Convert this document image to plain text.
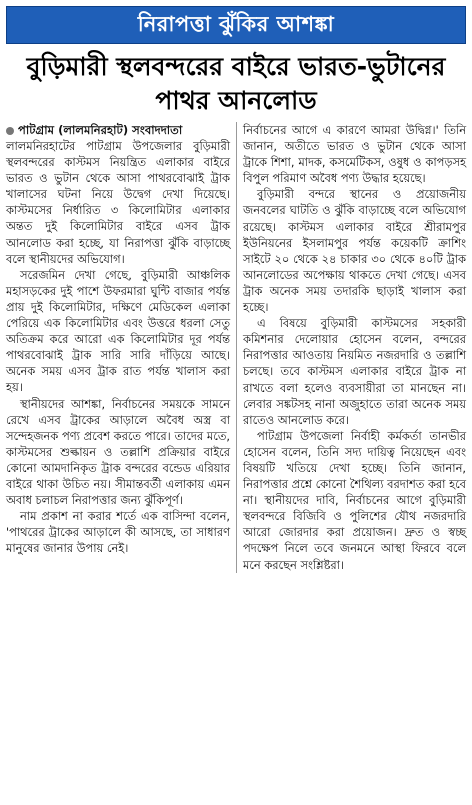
নিরাপত্তা ঝুঁকির আশঙ্কা
বুড়িমারী স্থলবন্দরের বাইরে ভারত-ভুটানের পাথর আনলোড
পাটগ্রাম (লালমনিরহাট) সংবাদদাতা

লালমনিরহাটের পাটগ্রাম উপজেলার বুড়িমারী স্থলবন্দরের কাস্টমস নিয়ন্ত্রিত এলাকার বাইরে ভারত ও ভুটান থেকে আসা পাথরবোঝাই ট্রাক খালাসের ঘটনা নিয়ে উদ্বেগ দেখা দিয়েছে। কাস্টমসের নির্ধারিত ৩ কিলোমিটার এলাকার অন্তত দুই কিলোমিটার বাইরে এসব ট্রাক আনলোড করা হচ্ছে, যা নিরাপত্তা ঝুঁকি বাড়াচ্ছে বলে স্থানীয়দের অভিযোগ।

সরেজমিন দেখা গেছে, বুড়িমারী আঞ্চলিক মহাসড়কের দুই পাশে উফরমারা ঘুন্টি বাজার পর্যন্ত প্রায় দুই কিলোমিটার, দক্ষিণে মেডিকেল এলাকা পেরিয়ে এক কিলোমিটার এবং উত্তরে ধরলা সেতু অতিক্রম করে আরো এক কিলোমিটার দূর পর্যন্ত পাথরবোঝাই ট্রাক সারি সারি দাঁড়িয়ে আছে। অনেক সময় এসব ট্রাক রাত পর্যন্ত খালাস করা হয়।

স্থানীয়দের আশঙ্কা, নির্বাচনের সময়কে সামনে রেখে এসব ট্রাকের আড়ালে অবৈধ অস্ত্র বা সন্দেহজনক পণ্য প্রবেশ করতে পারে। তাদের মতে, কাস্টমসের শুল্কায়ন ও তল্লাশি প্রক্রিয়ার বাইরে কোনো আমদানিকৃত ট্রাক বন্দরের বন্ডেড এরিয়ার বাইরে থাকা উচিত নয়। সীমান্তবর্তী এলাকায় এমন অবাধ চলাচল নিরাপত্তার জন্য ঝুঁকিপূর্ণ।

নাম প্রকাশ না করার শর্তে এক বাসিন্দা বলেন, 'পাথরের ট্রাকের আড়ালে কী আসছে, তা সাধারণ মানুষের জানার উপায় নেই।

নির্বাচনের আগে এ কারণে আমরা উদ্বিগ্ন।' তিনি জানান, অতীতে ভারত ও ভুটান থেকে আসা ট্রাকে শিশা, মাদক, কসমেটিকস, ওষুধ ও কাপড়সহ বিপুল পরিমাণ অবৈধ পণ্য উদ্ধার হয়েছে।

বুড়িমারী বন্দরে স্থানের ও প্রয়োজনীয় জনবলের ঘাটতি ও ঝুঁকি বাড়াচ্ছে বলে অভিযোগ রয়েছে। কাস্টমস এলাকার বাইরে শ্রীরামপুর ইউনিয়নের ইসলামপুর পর্যন্ত কয়েকটি ক্রাশিং সাইটে ২০ থেকে ২৪ চাকার ৩০ থেকে ৪০টি ট্রাক আনলোডের অপেক্ষায় থাকতে দেখা গেছে। এসব ট্রাক অনেক সময় তদারকি ছাড়াই খালাস করা হচ্ছে।

এ বিষয়ে বুড়িমারী কাস্টমসের সহকারী কমিশনার দেলোয়ার হোসেন বলেন, বন্দরের নিরাপত্তার আওতায় নিয়মিত নজরদারি ও তল্লাশি চলছে। তবে কাস্টমস এলাকার বাইরে ট্রাক না রাখতে বলা হলেও ব্যবসায়ীরা তা মানছেন না। লেবার সঙ্কটসহ নানা অজুহাতে তারা অনেক সময় রাতেও আনলোড করে।

পাটগ্রাম উপজেলা নির্বাহী কর্মকর্তা তানভীর হোসেন বলেন, তিনি সদ্য দায়িত্ব নিয়েছেন এবং বিষয়টি খতিয়ে দেখা হচ্ছে। তিনি জানান, নিরাপত্তার প্রশ্নে কোনো শৈথিল্য বরদাশত করা হবে না। স্থানীয়দের দাবি, নির্বাচনের আগে বুড়িমারী স্থলবন্দরে বিজিবি ও পুলিশের যৌথ নজরদারি আরো জোরদার করা প্রয়োজন। দ্রুত ও স্বচ্ছ পদক্ষেপ নিলে তবে জনমনে আস্থা ফিরবে বলে মনে করছেন সংশ্লিষ্টরা।
